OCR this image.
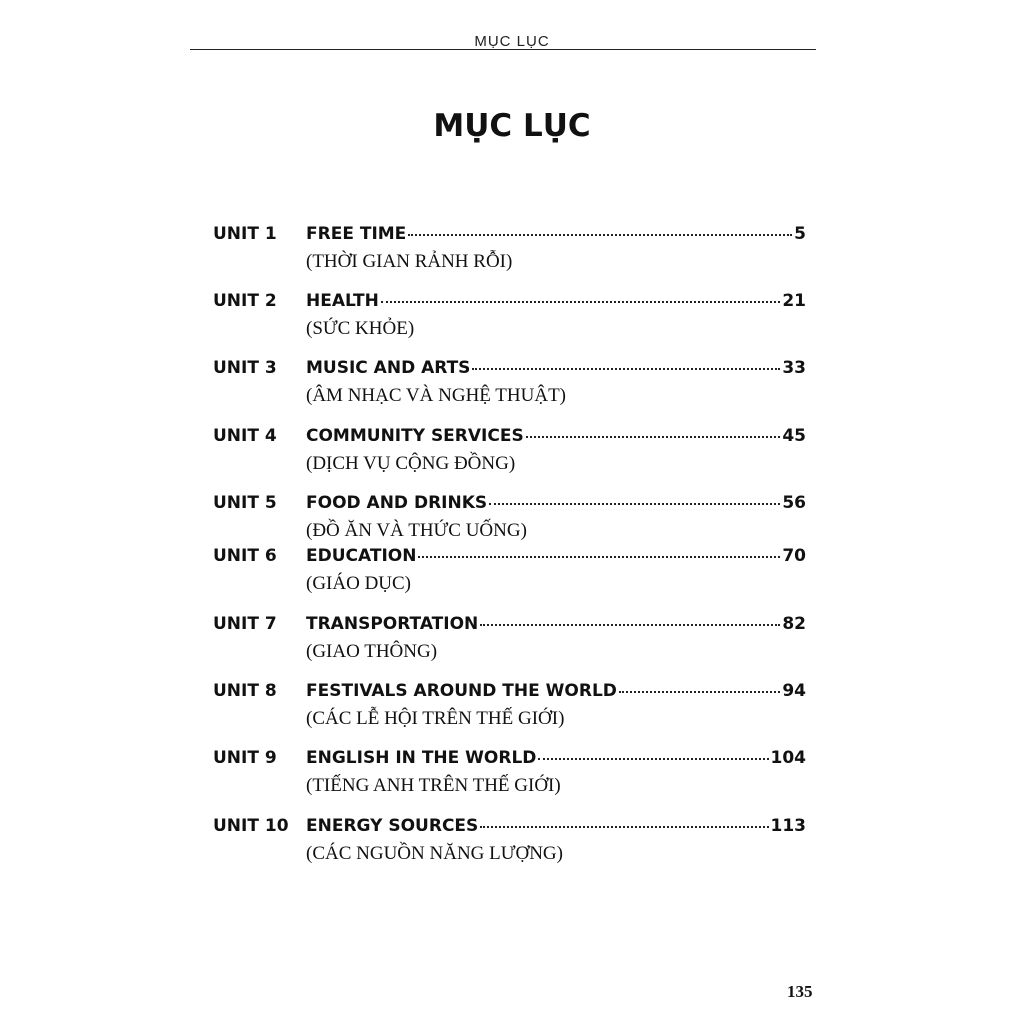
MỤC LỤC
MỤC LỤC
UNIT 1 FREE TIME	5
(THỜI GIAN RẢNH RỖI)
UNIT 2 HEALTH	21
(SỨC KHỎE)
UNIT 3 MUSIC AND ARTS	33
(ÂM NHẠC VÀ NGHỆ THUẬT)
UNIT 4 COMMUNITY SERVICES	45
(DỊCH VỤ CỘNG ĐỒNG)
UNIT 5 FOOD AND DRINKS	56
(ĐỒ ĂN VÀ THỨC UỐNG)
UNIT 6 EDUCATION	70
(GIÁO DỤC)
UNIT 7 TRANSPORTATION	82
(GIAO THÔNG)
UNIT 8 FESTIVALS AROUND THE WORLD	94
(CÁC LỄ HỘI TRÊN THẾ GIỚI)
UNIT 9 ENGLISH IN THE WORLD	104
(TIẾNG ANH TRÊN THẾ GIỚI)
UNIT 10 ENERGY SOURCES	113
(CÁC NGUỒN NĂNG LƯỢNG)
135
